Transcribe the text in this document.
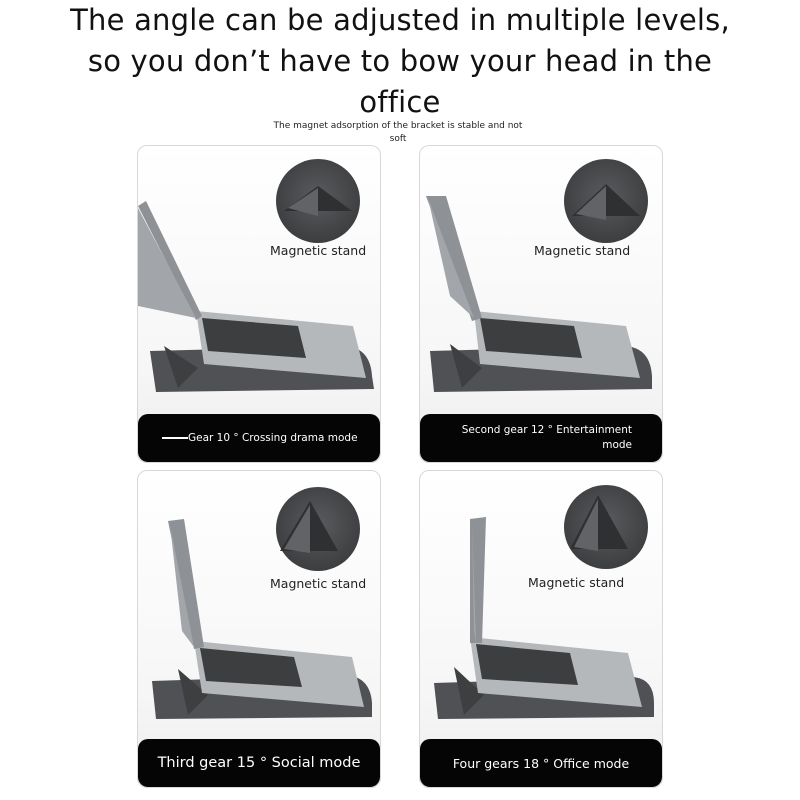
The angle can be adjusted in multiple levels, so you don’t have to bow your head in the office
The magnet adsorption of the bracket is stable and not soft
Magnetic stand
Gear 10 ° Crossing drama mode
Magnetic stand
Second gear 12 ° Entertainment mode
Magnetic stand
Third gear 15 ° Social mode
Magnetic stand
Four gears 18 ° Office mode
